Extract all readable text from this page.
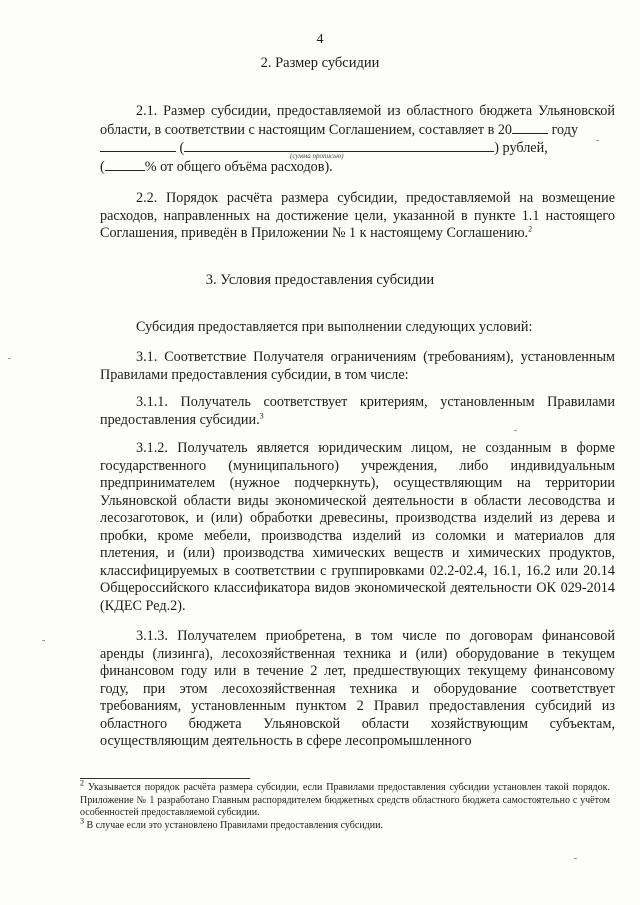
4
2. Размер субсидии

2.1. Размер субсидии, предоставляемой из областного бюджета Ульяновской области, в соответствии с настоящим Соглашением, составляет в 20	году
(	) рублей,
(	% от общего объёма расходов).

(сумма прописью)

2.2. Порядок расчёта размера субсидии, предоставляемой на возмещение расходов, направленных на достижение цели, указанной в пункте 1.1 настоящего Соглашения, приведён в Приложении № 1 к настоящему Соглашению.$^2$

3. Условия предоставления субсидии

Субсидия предоставляется при выполнении следующих условий:

3.1. Соответствие Получателя ограничениям (требованиям), установленным Правилами предоставления субсидии, в том числе:

3.1.1. Получатель соответствует критериям, установленным Правилами предоставления субсидии.$^3$

3.1.2. Получатель является юридическим лицом, не созданным в форме государственного (муниципального) учреждения, либо индивидуальным предпринимателем (нужное подчеркнуть), осуществляющим на территории Ульяновской области виды экономической деятельности в области лесоводства и лесозаготовок, и (или) обработки древесины, производства изделий из дерева и пробки, кроме мебели, производства изделий из соломки и материалов для плетения, и (или) производства химических веществ и химических продуктов, классифицируемых в соответствии с группировками 02.2-02.4, 16.1, 16.2 или 20.14 Общероссийского классификатора видов экономической деятельности ОК 029-2014 (КДЕС Ред.2).

3.1.3. Получателем приобретена, в том числе по договорам финансовой аренды (лизинга), лесохозяйственная техника и (или) оборудование в текущем финансовом году или в течение 2 лет, предшествующих текущему финансовому году, при этом лесохозяйственная техника и оборудование соответствует требованиям, установленным пунктом 2 Правил предоставления субсидий из областного бюджета Ульяновской области хозяйствующим субъектам, осуществляющим деятельность в сфере лесопромышленного

$^2$ Указывается порядок расчёта размера субсидии, если Правилами предоставления субсидии установлен такой порядок. Приложение № 1 разработано Главным распорядителем бюджетных средств областного бюджета самостоятельно с учётом особенностей предоставляемой субсидии.

$^3$ В случае если это установлено Правилами предоставления субсидии.
